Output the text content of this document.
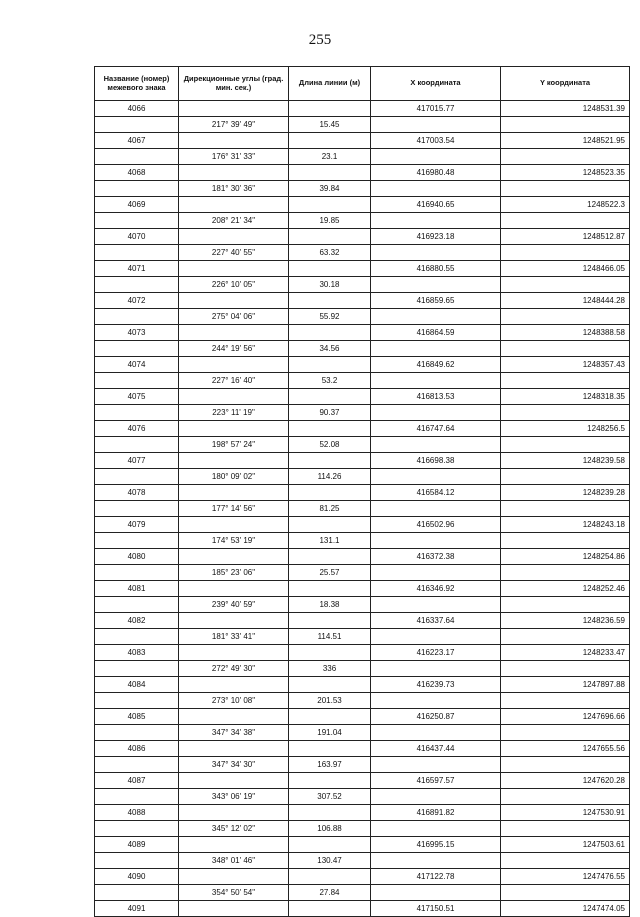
255
Название (номер) межевого знака	Дирекционные углы (град. мин. сек.)	Длина линии (м)	X координата	Y координата
4066			417015.77	1248531.39
	217° 39' 49"	15.45		
4067			417003.54	1248521.95
	176° 31' 33"	23.1		
4068			416980.48	1248523.35
	181° 30' 36"	39.84		
4069			416940.65	1248522.3
	208° 21' 34"	19.85		
4070			416923.18	1248512.87
	227° 40' 55"	63.32		
4071			416880.55	1248466.05
	226° 10' 05"	30.18		
4072			416859.65	1248444.28
	275° 04' 06"	55.92		
4073			416864.59	1248388.58
	244° 19' 56"	34.56		
4074			416849.62	1248357.43
	227° 16' 40"	53.2		
4075			416813.53	1248318.35
	223° 11' 19"	90.37		
4076			416747.64	1248256.5
	198° 57' 24"	52.08		
4077			416698.38	1248239.58
	180° 09' 02"	114.26		
4078			416584.12	1248239.28
	177° 14' 56"	81.25		
4079			416502.96	1248243.18
	174° 53' 19"	131.1		
4080			416372.38	1248254.86
	185° 23' 06"	25.57		
4081			416346.92	1248252.46
	239° 40' 59"	18.38		
4082			416337.64	1248236.59
	181° 33' 41"	114.51		
4083			416223.17	1248233.47
	272° 49' 30"	336		
4084			416239.73	1247897.88
	273° 10' 08"	201.53		
4085			416250.87	1247696.66
	347° 34' 38"	191.04		
4086			416437.44	1247655.56
	347° 34' 30"	163.97		
4087			416597.57	1247620.28
	343° 06' 19"	307.52		
4088			416891.82	1247530.91
	345° 12' 02"	106.88		
4089			416995.15	1247503.61
	348° 01' 46"	130.47		
4090			417122.78	1247476.55
	354° 50' 54"	27.84		
4091			417150.51	1247474.05
